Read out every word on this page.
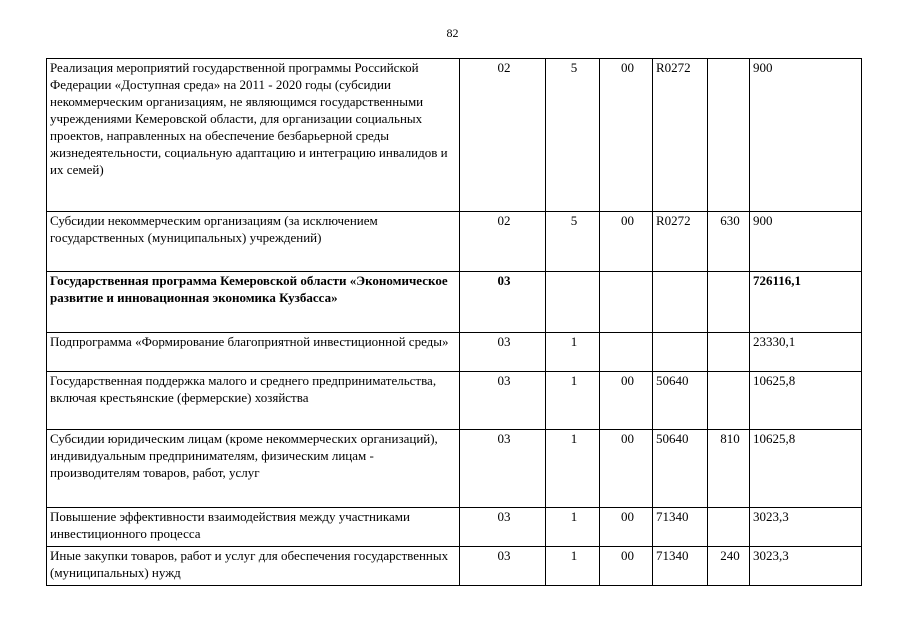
82
Реализация мероприятий государственной программы Российской Федерации «Доступная среда» на 2011 - 2020 годы (субсидии некоммерческим организациям, не являющимся государственными учреждениями Кемеровской области, для организации социальных проектов, направленных на обеспечение безбарьерной среды жизнедеятельности, социальную адаптацию и интеграцию инвалидов и их семей)	02	5	00	R0272		900
Субсидии некоммерческим организациям (за исключением государственных (муниципальных) учреждений)	02	5	00	R0272	630	900
Государственная программа Кемеровской области «Экономическое развитие и инновационная экономика Кузбасса»	03					726116,1
Подпрограмма «Формирование благоприятной инвестиционной среды»	03	1				23330,1
Государственная поддержка малого и среднего предпринимательства, включая крестьянские (фермерские) хозяйства	03	1	00	50640		10625,8
Субсидии юридическим лицам (кроме некоммерческих организаций), индивидуальным предпринимателям, физическим лицам - производителям товаров, работ, услуг	03	1	00	50640	810	10625,8
Повышение эффективности взаимодействия между участниками инвестиционного процесса	03	1	00	71340		3023,3
Иные закупки товаров, работ и услуг для обеспечения государственных (муниципальных) нужд	03	1	00	71340	240	3023,3
